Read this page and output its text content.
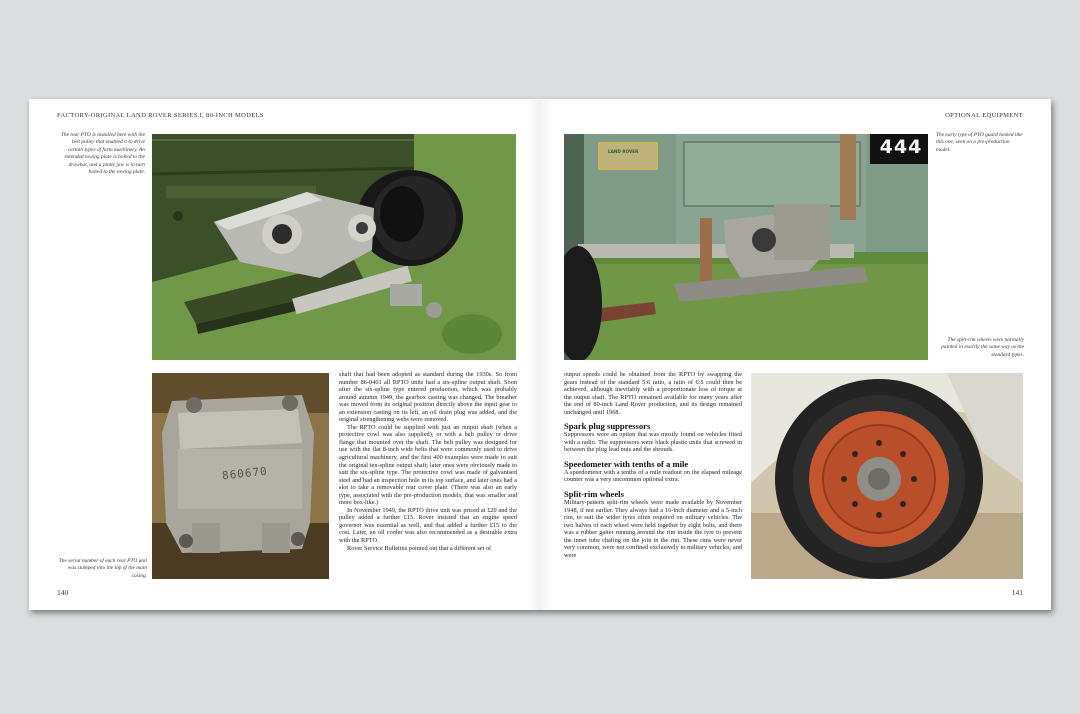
FACTORY-ORIGINAL LAND ROVER SERIES I, 80-INCH MODELS
The rear PTO is installed here with the belt pulley that enabled it to drive certain types of farm machinery. An extended towing plate is bolted to the drawbar, and a pintle jaw is in turn bolted to the towing plate.
860670
The serial number of each rear PTO unit was stamped into the top of the main casing.

shaft that had been adopted as standard during the 1930s. So from number 86-0401 all RPTO units had a six-spline output shaft. Soon after the six-spline type entered production, which was probably around autumn 1949, the gearbox casting was changed. The breather was moved from its original position directly above the input gear to an extension casting on its left, an oil drain plug was added, and the original strengthening webs were removed.

The RPTO could be supplied with just an output shaft (when a protective cowl was also supplied), or with a belt pulley or drive flange that mounted over the shaft. The belt pulley was designed for use with the flat 8-inch wide belts that were commonly used to drive agricultural machinery, and the first 400 examples were made to suit the original ten-spline output shaft; later ones were obviously made to suit the six-spline type. The protective cowl was made of galvanised steel and had an inspection hole in its top surface, and later ones had a slot to take a removable rear cover plate. (There was also an early type, associated with the pre-production models, that was smaller and more box-like.)

In November 1949, the RPTO drive unit was priced at £20 and the pulley added a further £15. Rover insisted that an engine speed governor was essential as well, and that added a further £15 to the cost. Later, an oil cooler was also recommended as a desirable extra with the RPTO.

Rover Service Bulletins pointed out that a different set of

140
OPTIONAL EQUIPMENT
444
LAND ROVER
The early type of PTO guard looked like this one, seen on a pre-production model.
The split-rim wheels were normally painted in exactly the same way as the standard types.

output speeds could be obtained from the RPTO by swapping the gears instead of the standard 5:6 ratio, a ratio of 6:5 could then be achieved, although inevitably with a proportionate loss of torque at the output shaft. The RPTO remained available for many years after the end of 80-inch Land Rover production, and its design remained unchanged until 1968.

Spark plug suppressors

Suppressors were an option that was mostly found on vehicles fitted with a radio. The suppressors were black plastic units that screwed in between the plug lead nuts and the shrouds.

Speedometer with tenths of a mile

A speedometer with a tenths of a mile readout on the elapsed mileage counter was a very uncommon optional extra.

Split-rim wheels

Military-pattern split-rim wheels were made available by November 1948, if not earlier. They always had a 16-inch diameter and a 5-inch rim, to suit the wider tyres often required on military vehicles. The two halves of each wheel were held together by eight bolts, and there was a rubber gaiter running around the rim inside the tyre to prevent the inner tube chafing on the join in the rim. These rims were never very common, were not confined exclusively to military vehicles, and were

141
